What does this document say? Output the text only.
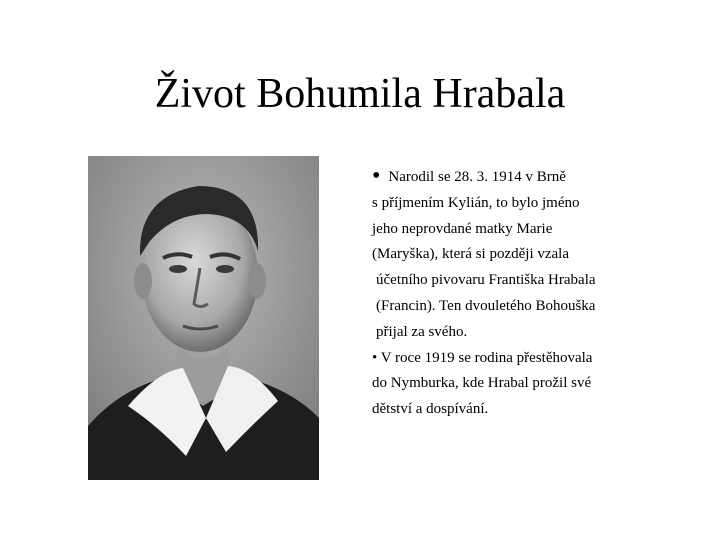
Život Bohumila Hrabala
• Narodil se 28. 3. 1914 v Brně
s příjmením Kylián, to bylo jméno
jeho neprovdané matky Marie
(Maryška), která si později vzala
účetního pivovaru Františka Hrabala
(Francin). Ten dvouletého Bohouška
přijal za svého.
• V roce 1919 se rodina přestěhovala
do Nymburka, kde Hrabal prožil své
dětství a dospívání.
